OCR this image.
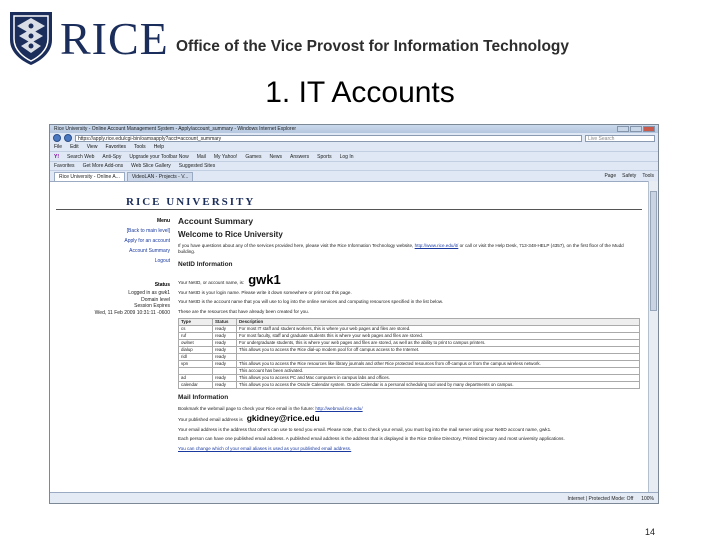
RICE Office of the Vice Provost for Information Technology
1. IT Accounts
Rice University - Online Account Management System - Apply/account_summary - Windows Internet Explorer
https://apply.rice.edu/cgi-bin/oamsapply?acct=account_summary	Live Search
File Edit View Favorites Tools Help
Y! Search Web Anti-Spy Upgrade your Toolbar Now Mail My Yahoo! Games News Answers Sports Log In
Favorites Get More Add-ons Web Slice Gallery Suggested Sites
Rice University - Online A...	VideoLAN - Projects - V...	Page Safety Tools
RICE UNIVERSITY
Menu
[Back to main level]
Apply for an account
Account Summary
Logout
Status
Logged in as gwk1
Domain level
Session Expires
Wed, 11 Feb 2009 10:31:11 -0600
Account Summary
Welcome to Rice University

If you have questions about any of the services provided here, please visit the Rice Information Technology website, http://www.rice.edu/it/ or call or visit the Help Desk, 713-348-HELP (4357), on the first floor of the Mudd building.

NetID Information
Your NetID, or account name, is: gwk1

Your NetID is your login name. Please write it down somewhere or print out this page.

Your NetID is the account name that you will use to log into the online services and computing resources specified in the list below.

These are the resources that have already been created for you.

Type	Status	Description
cs	ready	For most IT staff and student workers, this is where your web pages and files are stored.
ruf	ready	For most faculty, staff and graduate students this is where your web pages and files are stored.
owlnet	ready	For undergraduate students, this is where your web pages and files are stored, as well as the ability to print to campus printers.
dialup	ready	This allows you to access the Rice dial-up modem pool for off campus access to the Internet.
ridl	ready	
vpn	ready	This allows you to access the Rice resources like library journals and other Rice protected resources from off-campus or from the campus wireless network.
		This account has been activated.
ad	ready	This allows you to access PC and Mac computers in campus labs and offices.
calendar	ready	This allows you to access the Oracle Calendar system. Oracle Calendar is a personal scheduling tool used by many departments on campus.
Mail Information

Bookmark the webmail page to check your Rice email in the future: http://webmail.rice.edu/

Your published email address is gkidney@rice.edu

Your email address is the address that others can use to send you email. Please note, that to check your email, you must log into the mail server using your NetID account name, gwk1.

Each person can have one published email address. A published email address is the address that is displayed in the Rice Online Directory, Printed Directory and most university applications.

You can change which of your email aliases is used as your published email address.

Internet | Protected Mode: Off 100%
14
